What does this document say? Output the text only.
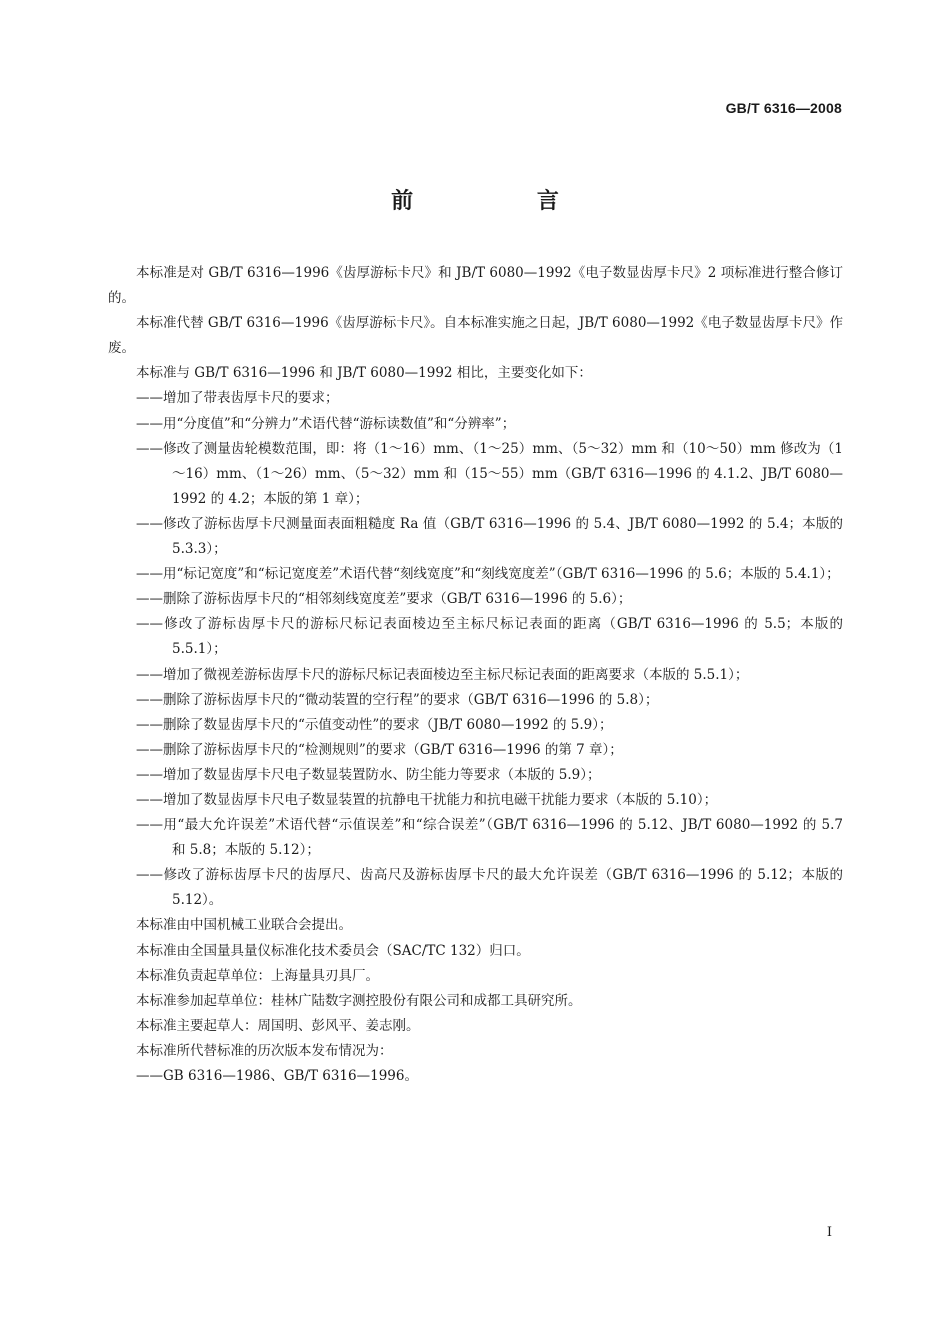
GB/T 6316—2008
前 言
本标准是对 GB/T 6316—1996《齿厚游标卡尺》和 JB/T 6080—1992《电子数显齿厚卡尺》2 项标准进行整合修订的。
本标准代替 GB/T 6316—1996《齿厚游标卡尺》。自本标准实施之日起，JB/T 6080—1992《电子数显齿厚卡尺》作废。
本标准与 GB/T 6316—1996 和 JB/T 6080—1992 相比，主要变化如下：
——增加了带表齿厚卡尺的要求；
——用“分度值”和“分辨力”术语代替“游标读数值”和“分辨率”；
——修改了测量齿轮模数范围，即：将（1～16）mm、（1～25）mm、（5～32）mm 和（10～50）mm 修改为（1～16）mm、（1～26）mm、（5～32）mm 和（15～55）mm（GB/T 6316—1996 的 4.1.2、JB/T 6080—1992 的 4.2；本版的第 1 章）；
——修改了游标齿厚卡尺测量面表面粗糙度 Ra 值（GB/T 6316—1996 的 5.4、JB/T 6080—1992 的 5.4；本版的 5.3.3）；
——用“标记宽度”和“标记宽度差”术语代替“刻线宽度”和“刻线宽度差”（GB/T 6316—1996 的 5.6；本版的 5.4.1）；
——删除了游标齿厚卡尺的“相邻刻线宽度差”要求（GB/T 6316—1996 的 5.6）；
——修改了游标齿厚卡尺的游标尺标记表面棱边至主标尺标记表面的距离（GB/T 6316—1996 的 5.5；本版的 5.5.1）；
——增加了微视差游标齿厚卡尺的游标尺标记表面棱边至主标尺标记表面的距离要求（本版的 5.5.1）；
——删除了游标齿厚卡尺的“微动装置的空行程”的要求（GB/T 6316—1996 的 5.8）；
——删除了数显齿厚卡尺的“示值变动性”的要求（JB/T 6080—1992 的 5.9）；
——删除了游标齿厚卡尺的“检测规则”的要求（GB/T 6316—1996 的第 7 章）；
——增加了数显齿厚卡尺电子数显装置防水、防尘能力等要求（本版的 5.9）；
——增加了数显齿厚卡尺电子数显装置的抗静电干扰能力和抗电磁干扰能力要求（本版的 5.10）；
——用“最大允许误差”术语代替“示值误差”和“综合误差”（GB/T 6316—1996 的 5.12、JB/T 6080—1992 的 5.7 和 5.8；本版的 5.12）；
——修改了游标齿厚卡尺的齿厚尺、齿高尺及游标齿厚卡尺的最大允许误差（GB/T 6316—1996 的 5.12；本版的 5.12）。
本标准由中国机械工业联合会提出。
本标准由全国量具量仪标准化技术委员会（SAC/TC 132）归口。
本标准负责起草单位：上海量具刃具厂。
本标准参加起草单位：桂林广陆数字测控股份有限公司和成都工具研究所。
本标准主要起草人：周国明、彭风平、姜志刚。
本标准所代替标准的历次版本发布情况为：
——GB 6316—1986、GB/T 6316—1996。
I
